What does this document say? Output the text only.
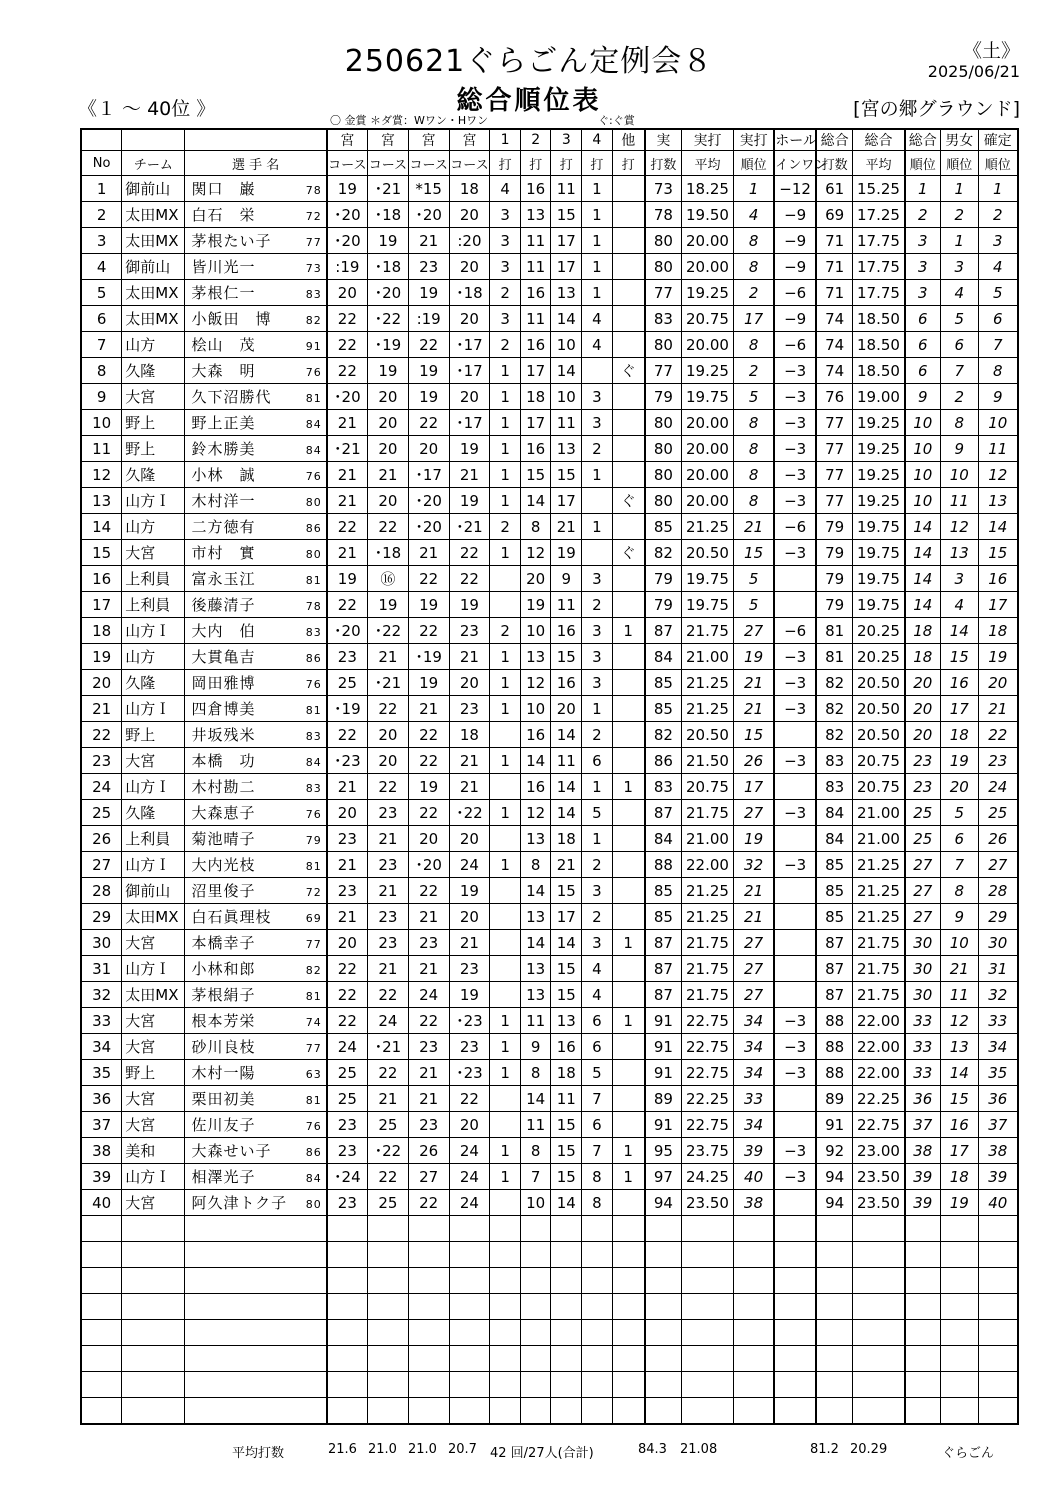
250621ぐらごん定例会８
総合順位表
《土》
2025/06/21
《１ ～ 40位 》	[宮の郷グラウンド]
〇 金賞 ＊ダ賞：Wワン・Hワン	ぐ:ぐ賞
			宮	宮	宮	宮	1	2	3	4	他	実	実打	実打	ホール	総合	総合	総合	男女	確定
No	チーム	選 手 名	コース	コース	コース	コース	打	打	打	打	打	打数	平均	順位	インワン	打数	平均	順位	順位	順位
1	御前山	関口　巌 78	19	･21	*15	18	4	16	11	1		73	18.25	1	−12	61	15.25	1	1	1
2	太田MX	白石　栄 72	･20	･18	･20	20	3	13	15	1		78	19.50	4	−9	69	17.25	2	2	2
3	太田MX	茅根たい子 77	･20	19	21	:20	3	11	17	1		80	20.00	8	−9	71	17.75	3	1	3
4	御前山	皆川光一 73	:19	･18	23	20	3	11	17	1		80	20.00	8	−9	71	17.75	3	3	4
5	太田MX	茅根仁一 83	20	･20	19	･18	2	16	13	1		77	19.25	2	−6	71	17.75	3	4	5
6	太田MX	小飯田　博 82	22	･22	:19	20	3	11	14	4		83	20.75	17	−9	74	18.50	6	5	6
7	山方	桧山　茂 91	22	･19	22	･17	2	16	10	4		80	20.00	8	−6	74	18.50	6	6	7
8	久隆	大森　明 76	22	19	19	･17	1	17	14		ぐ	77	19.25	2	−3	74	18.50	6	7	8
9	大宮	久下沼勝代 81	･20	20	19	20	1	18	10	3		79	19.75	5	−3	76	19.00	9	2	9
10	野上	野上正美 84	21	20	22	･17	1	17	11	3		80	20.00	8	−3	77	19.25	10	8	10
11	野上	鈴木勝美 84	･21	20	20	19	1	16	13	2		80	20.00	8	−3	77	19.25	10	9	11
12	久隆	小林　誠 76	21	21	･17	21	1	15	15	1		80	20.00	8	−3	77	19.25	10	10	12
13	山方Ｉ	木村洋一 80	21	20	･20	19	1	14	17		ぐ	80	20.00	8	−3	77	19.25	10	11	13
14	山方	二方徳有 86	22	22	･20	･21	2	8	21	1		85	21.25	21	−6	79	19.75	14	12	14
15	大宮	市村　實 80	21	･18	21	22	1	12	19		ぐ	82	20.50	15	−3	79	19.75	14	13	15
16	上利員	富永玉江 81	19	⑯	22	22		20	9	3		79	19.75	5		79	19.75	14	3	16
17	上利員	後藤清子 78	22	19	19	19		19	11	2		79	19.75	5		79	19.75	14	4	17
18	山方Ｉ	大内　伯 83	･20	･22	22	23	2	10	16	3	1	87	21.75	27	−6	81	20.25	18	14	18
19	山方	大貫亀吉 86	23	21	･19	21	1	13	15	3		84	21.00	19	−3	81	20.25	18	15	19
20	久隆	岡田雅博 76	25	･21	19	20	1	12	16	3		85	21.25	21	−3	82	20.50	20	16	20
21	山方Ｉ	四倉博美 81	･19	22	21	23	1	10	20	1		85	21.25	21	−3	82	20.50	20	17	21
22	野上	井坂残米 83	22	20	22	18		16	14	2		82	20.50	15		82	20.50	20	18	22
23	大宮	本橋　功 84	･23	20	22	21	1	14	11	6		86	21.50	26	−3	83	20.75	23	19	23
24	山方Ｉ	木村勘二 83	21	22	19	21		16	14	1	1	83	20.75	17		83	20.75	23	20	24
25	久隆	大森恵子 76	20	23	22	･22	1	12	14	5		87	21.75	27	−3	84	21.00	25	5	25
26	上利員	菊池晴子 79	23	21	20	20		13	18	1		84	21.00	19		84	21.00	25	6	26
27	山方Ｉ	大内光枝 81	21	23	･20	24	1	8	21	2		88	22.00	32	−3	85	21.25	27	7	27
28	御前山	沼里俊子 72	23	21	22	19		14	15	3		85	21.25	21		85	21.25	27	8	28
29	太田MX	白石眞理枝 69	21	23	21	20		13	17	2		85	21.25	21		85	21.25	27	9	29
30	大宮	本橋幸子 77	20	23	23	21		14	14	3	1	87	21.75	27		87	21.75	30	10	30
31	山方Ｉ	小林和郎 82	22	21	21	23		13	15	4		87	21.75	27		87	21.75	30	21	31
32	太田MX	茅根絹子 81	22	22	24	19		13	15	4		87	21.75	27		87	21.75	30	11	32
33	大宮	根本芳栄 74	22	24	22	･23	1	11	13	6	1	91	22.75	34	−3	88	22.00	33	12	33
34	大宮	砂川良枝 77	24	･21	23	23	1	9	16	6		91	22.75	34	−3	88	22.00	33	13	34
35	野上	木村一陽 63	25	22	21	･23	1	8	18	5		91	22.75	34	−3	88	22.00	33	14	35
36	大宮	栗田初美 81	25	21	21	22		14	11	7		89	22.25	33		89	22.25	36	15	36
37	大宮	佐川友子 76	23	25	23	20		11	15	6		91	22.75	34		91	22.75	37	16	37
38	美和	大森せい子 86	23	･22	26	24	1	8	15	7	1	95	23.75	39	−3	92	23.00	38	17	38
39	山方Ｉ	相澤光子 84	･24	22	27	24	1	7	15	8	1	97	24.25	40	−3	94	23.50	39	18	39
40	大宮	阿久津トク子 80	23	25	22	24		10	14	8		94	23.50	38		94	23.50	39	19	40

平均打数	21.6 21.0 21.0 20.7 42 回/27人(合計)	84.3 21.08	81.2 20.29	ぐらごん
